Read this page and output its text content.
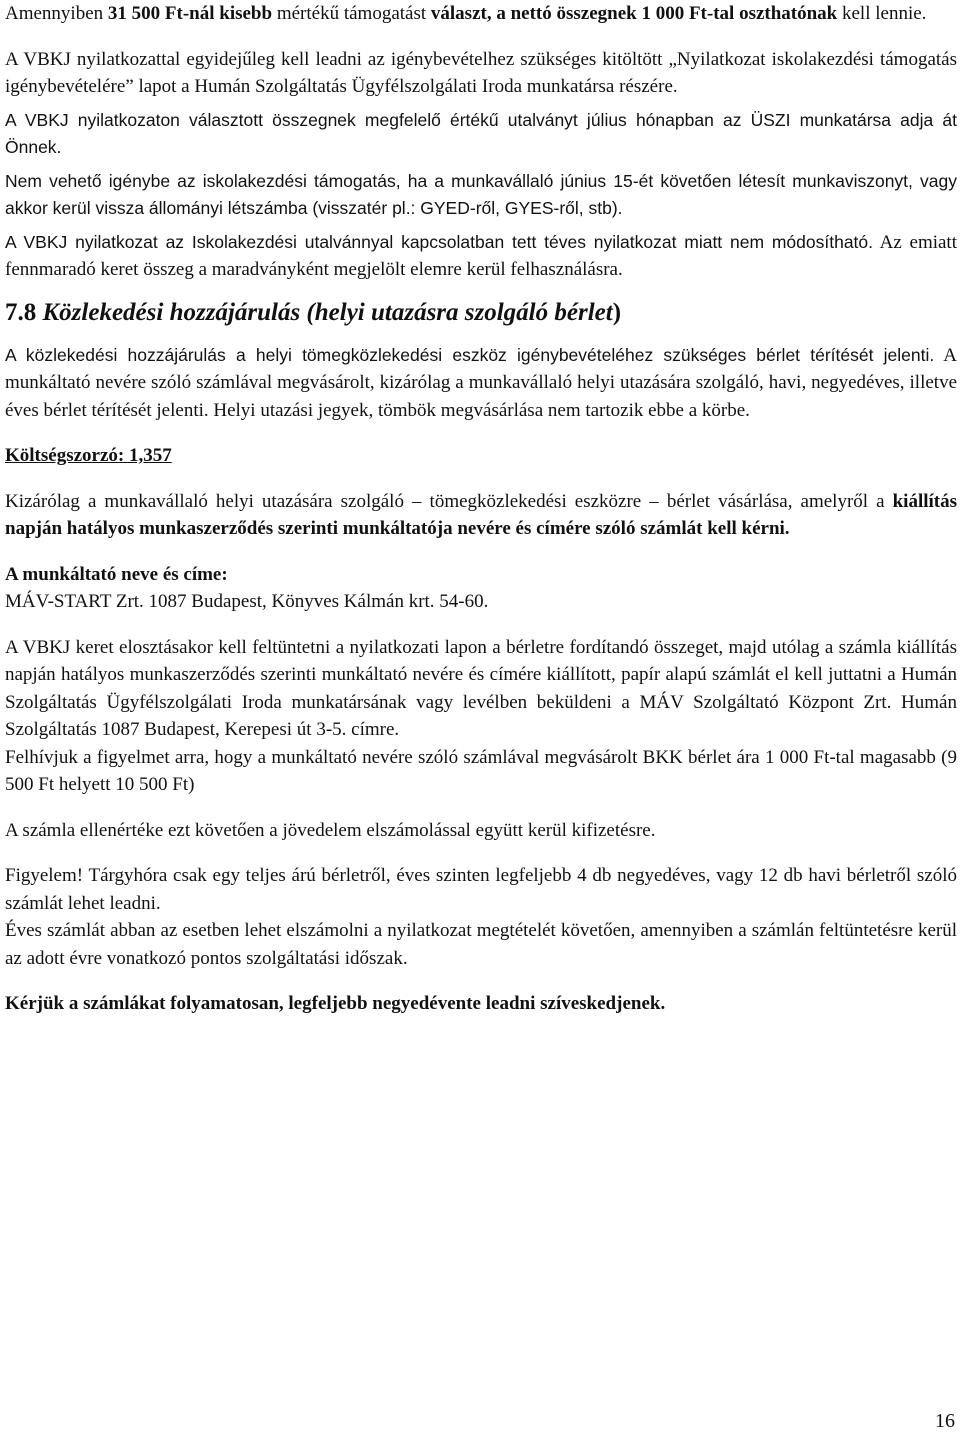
Amennyiben 31 500 Ft-nál kisebb mértékű támogatást választ, a nettó összegnek 1 000 Ft-tal oszthatónak kell lennie.

A VBKJ nyilatkozattal egyidejűleg kell leadni az igénybevételhez szükséges kitöltött „Nyilatkozat iskolakezdési támogatás igénybevételére” lapot a Humán Szolgáltatás Ügyfélszolgálati Iroda munkatársa részére.

A VBKJ nyilatkozaton választott összegnek megfelelő értékű utalványt július hónapban az ÜSZI munkatársa adja át Önnek.

Nem vehető igénybe az iskolakezdési támogatás, ha a munkavállaló június 15-ét követően létesít munkaviszonyt, vagy akkor kerül vissza állományi létszámba (visszatér pl.: GYED-ről, GYES-ről, stb).

A VBKJ nyilatkozat az Iskolakezdési utalvánnyal kapcsolatban tett téves nyilatkozat miatt nem módosítható. Az emiatt fennmaradó keret összeg a maradványként megjelölt elemre kerül felhasználásra.

7.8 Közlekedési hozzájárulás (helyi utazásra szolgáló bérlet)

A közlekedési hozzájárulás a helyi tömegközlekedési eszköz igénybevételéhez szükséges bérlet térítését jelenti. A munkáltató nevére szóló számlával megvásárolt, kizárólag a munkavállaló helyi utazására szolgáló, havi, negyedéves, illetve éves bérlet térítését jelenti. Helyi utazási jegyek, tömbök megvásárlása nem tartozik ebbe a körbe.

Költségszorzó: 1,357

Kizárólag a munkavállaló helyi utazására szolgáló – tömegközlekedési eszközre – bérlet vásárlása, amelyről a kiállítás napján hatályos munkaszerződés szerinti munkáltatója nevére és címére szóló számlát kell kérni.

A munkáltató neve és címe:
MÁV-START Zrt. 1087 Budapest, Könyves Kálmán krt. 54-60.

A VBKJ keret elosztásakor kell feltüntetni a nyilatkozati lapon a bérletre fordítandó összeget, majd utólag a számla kiállítás napján hatályos munkaszerződés szerinti munkáltató nevére és címére kiállított, papír alapú számlát el kell juttatni a Humán Szolgáltatás Ügyfélszolgálati Iroda munkatársának vagy levélben beküldeni a MÁV Szolgáltató Központ Zrt. Humán Szolgáltatás 1087 Budapest, Kerepesi út 3-5. címre.
Felhívjuk a figyelmet arra, hogy a munkáltató nevére szóló számlával megvásárolt BKK bérlet ára 1 000 Ft-tal magasabb (9 500 Ft helyett 10 500 Ft)

A számla ellenértéke ezt követően a jövedelem elszámolással együtt kerül kifizetésre.

Figyelem! Tárgyhóra csak egy teljes árú bérletről, éves szinten legfeljebb 4 db negyedéves, vagy 12 db havi bérletről szóló számlát lehet leadni.
Éves számlát abban az esetben lehet elszámolni a nyilatkozat megtételét követően, amennyiben a számlán feltüntetésre kerül az adott évre vonatkozó pontos szolgáltatási időszak.

Kérjük a számlákat folyamatosan, legfeljebb negyedévente leadni szíveskedjenek.

16
